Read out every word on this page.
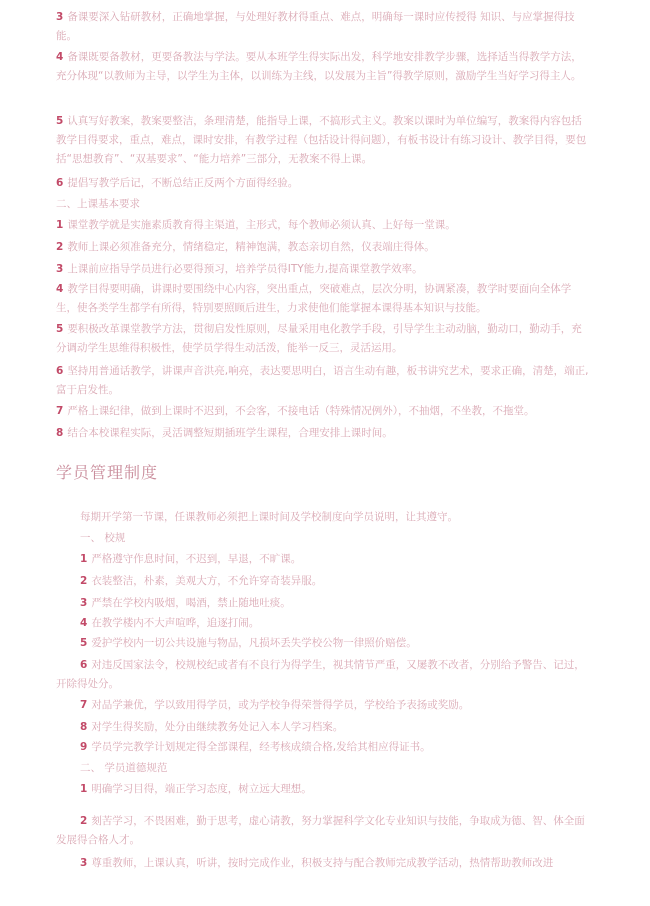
3 备课要深入钻研教材，正确地掌握，与处理好教材得重点、难点，明确每一课时应传授得 知识、与应掌握得技能。
4 备课既要备教材，更要备教法与学法。要从本班学生得实际出发，科学地安排教学步骤，选择适当得教学方法，充分体现“以教师为主导，以学生为主体，以训练为主线，以发展为主旨”得教学原则，激励学生当好学习得主人。
5 认真写好教案，教案要整洁，条理清楚，能指导上课，不搞形式主义。教案以课时为单位编写，教案得内容包括教学目得要求，重点，难点，课时安排，有教学过程（包括设计得问题），有板书设计有练习设计、教学目得，要包括“思想教育”、“双基要求”、“能力培养”三部分，无教案不得上课。
6 提倡写教学后记，不断总结正反两个方面得经验。
二、上课基本要求
1 课堂教学就是实施素质教育得主渠道，主形式，每个教师必须认真、上好每一堂课。
2 教师上课必须准备充分，情绪稳定，精神饱满，教态亲切自然，仪表端庄得体。
3 上课前应指导学员进行必要得预习，培养学员得ITY能力,提高课堂教学效率。
4 教学目得要明确，讲课时要围绕中心内容，突出重点，突破难点，层次分明，协调紧凑，教学时要面向全体学生，使各类学生都学有所得，特别要照顾后进生，力求使他们能掌握本课得基本知识与技能。
5 要积极改革课堂教学方法，贯彻启发性原则，尽量采用电化教学手段，引导学生主动动脑，勤动口，勤动手，充分调动学生思维得积极性，使学员学得生动活泼，能举一反三，灵活运用。
6 坚持用普通话教学，讲课声音洪亮,响亮，表达要思明白，语言生动有趣，板书讲究艺术，要求正确，清楚，端正,富于启发性。
7 严格上课纪律，做到上课时不迟到，不会客，不接电话（特殊情况例外），不抽烟，不坐教，不拖堂。
8 结合本校课程实际，灵活调整短期插班学生课程，合理安排上课时间。
学员管理制度
每期开学第一节课，任课教师必须把上课时间及学校制度向学员说明，让其遵守。
一、 校规
1 严格遵守作息时间，不迟到，早退，不旷课。
2 衣装整洁，朴素，美观大方，不允许穿奇装异服。
3 严禁在学校内吸烟，喝酒，禁止随地吐痰。
4 在教学楼内不大声喧哗，追逐打闹。
5 爱护学校内一切公共设施与物品，凡损坏丢失学校公物一律照价赔偿。
6 对违反国家法令，校规校纪或者有不良行为得学生，视其情节严重，又屡教不改者，分别给予警告、记过，开除得处分。
7 对品学兼优，学以致用得学员，或为学校争得荣誉得学员，学校给予表扬或奖励。
8 对学生得奖励，处分由继续教务处记入本人学习档案。
9 学员学完教学计划规定得全部课程，经考核成绩合格,发给其相应得证书。
二、 学员道德规范
1 明确学习目得，端正学习态度，树立远大理想。
2 刻苦学习，不畏困难，勤于思考，虚心请教，努力掌握科学文化专业知识与技能，争取成为德、智、体全面发展得合格人才。
3 尊重教师，上课认真，听讲，按时完成作业，积极支持与配合教师完成教学活动，热情帮助教师改进
